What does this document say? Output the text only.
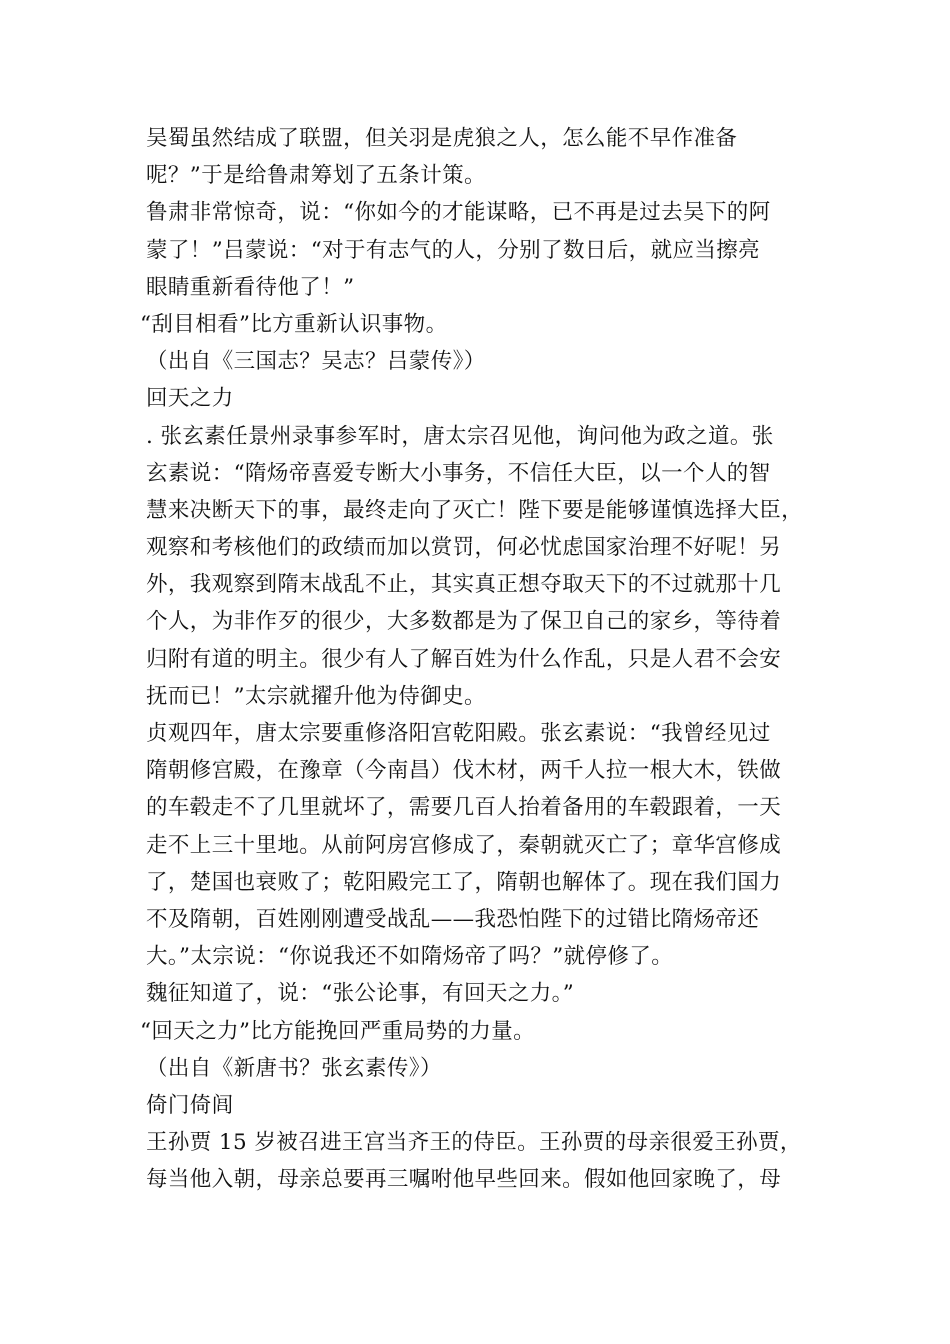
吴蜀虽然结成了联盟，但关羽是虎狼之人，怎么能不早作准备
呢？”于是给鲁肃筹划了五条计策。
鲁肃非常惊奇，说：“你如今的才能谋略，已不再是过去吴下的阿
蒙了！”吕蒙说：“对于有志气的人，分别了数日后，就应当擦亮
眼睛重新看待他了！”
“刮目相看”比方重新认识事物。
（出自《三国志？吴志？吕蒙传》）
回天之力
. 张玄素任景州录事参军时，唐太宗召见他，询问他为政之道。张
玄素说：“隋炀帝喜爱专断大小事务，不信任大臣，以一个人的智
慧来决断天下的事，最终走向了灭亡！陛下要是能够谨慎选择大臣，
观察和考核他们的政绩而加以赏罚，何必忧虑国家治理不好呢！另
外，我观察到隋末战乱不止，其实真正想夺取天下的不过就那十几
个人，为非作歹的很少，大多数都是为了保卫自己的家乡，等待着
归附有道的明主。很少有人了解百姓为什么作乱，只是人君不会安
抚而已！”太宗就擢升他为侍御史。
贞观四年，唐太宗要重修洛阳宫乾阳殿。张玄素说：“我曾经见过
隋朝修宫殿，在豫章（今南昌）伐木材，两千人拉一根大木，铁做
的车毂走不了几里就坏了，需要几百人抬着备用的车毂跟着，一天
走不上三十里地。从前阿房宫修成了，秦朝就灭亡了；章华宫修成
了，楚国也衰败了；乾阳殿完工了，隋朝也解体了。现在我们国力
不及隋朝，百姓刚刚遭受战乱——我恐怕陛下的过错比隋炀帝还
大。”太宗说：“你说我还不如隋炀帝了吗？”就停修了。
魏征知道了，说：“张公论事，有回天之力。”
“回天之力”比方能挽回严重局势的力量。
（出自《新唐书？张玄素传》）
倚门倚闾
王孙贾 15 岁被召进王宫当齐王的侍臣。王孙贾的母亲很爱王孙贾，
每当他入朝，母亲总要再三嘱咐他早些回来。假如他回家晚了，母
